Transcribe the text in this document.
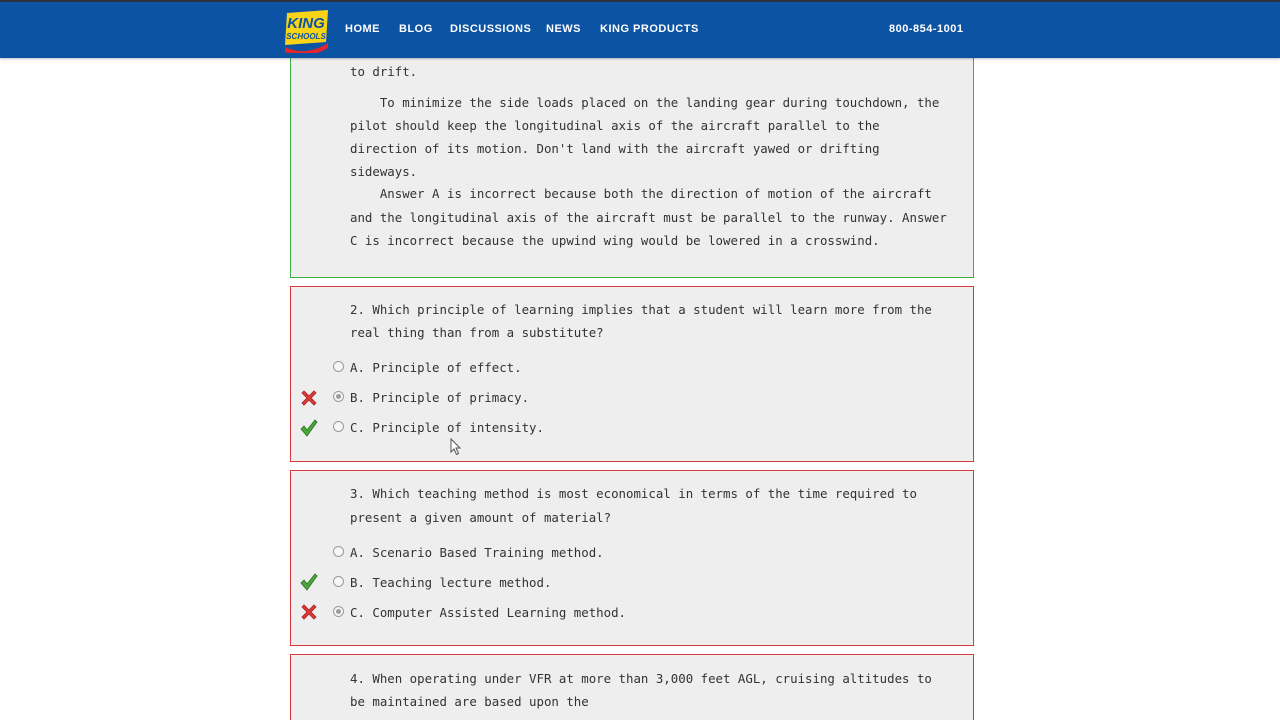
KING
SCHOOLS
HOME BLOG DISCUSSIONS NEWS KING PRODUCTS	800-854-1001

to drift.

To minimize the side loads placed on the landing gear during touchdown, the

pilot should keep the longitudinal axis of the aircraft parallel to the

direction of its motion. Don't land with the aircraft yawed or drifting

sideways.

Answer A is incorrect because both the direction of motion of the aircraft

and the longitudinal axis of the aircraft must be parallel to the runway. Answer

C is incorrect because the upwind wing would be lowered in a crosswind.

2. Which principle of learning implies that a student will learn more from the

real thing than from a substitute?

A. Principle of effect.
B. Principle of primacy.
C. Principle of intensity.

3. Which teaching method is most economical in terms of the time required to

present a given amount of material?

A. Scenario Based Training method.
B. Teaching lecture method.
C. Computer Assisted Learning method.

4. When operating under VFR at more than 3,000 feet AGL, cruising altitudes to

be maintained are based upon the
